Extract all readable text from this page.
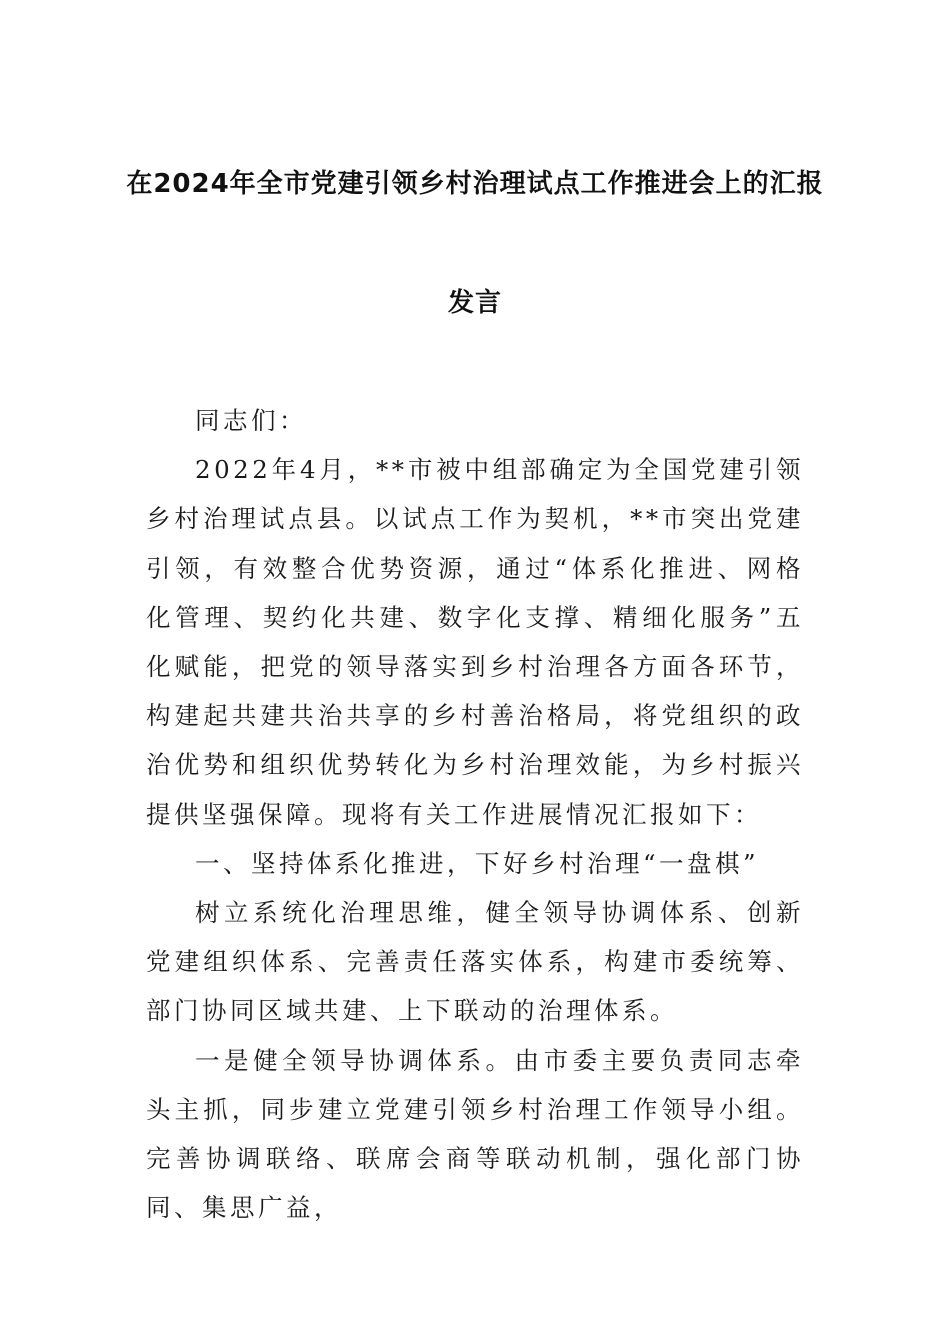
在2024年全市党建引领乡村治理试点工作推进会上的汇报
发言

同志们：

2022年4月，**市被中组部确定为全国党建引领乡村治理试点县。以试点工作为契机，**市突出党建引领，有效整合优势资源，通过“体系化推进、网格化管理、契约化共建、数字化支撑、精细化服务”五化赋能，把党的领导落实到乡村治理各方面各环节，构建起共建共治共享的乡村善治格局，将党组织的政治优势和组织优势转化为乡村治理效能，为乡村振兴提供坚强保障。现将有关工作进展情况汇报如下：

一、坚持体系化推进，下好乡村治理“一盘棋”

树立系统化治理思维，健全领导协调体系、创新党建组织体系、完善责任落实体系，构建市委统筹、部门协同区域共建、上下联动的治理体系。

一是健全领导协调体系。由市委主要负责同志牵头主抓，同步建立党建引领乡村治理工作领导小组。完善协调联络、联席会商等联动机制，强化部门协同、集思广益，
